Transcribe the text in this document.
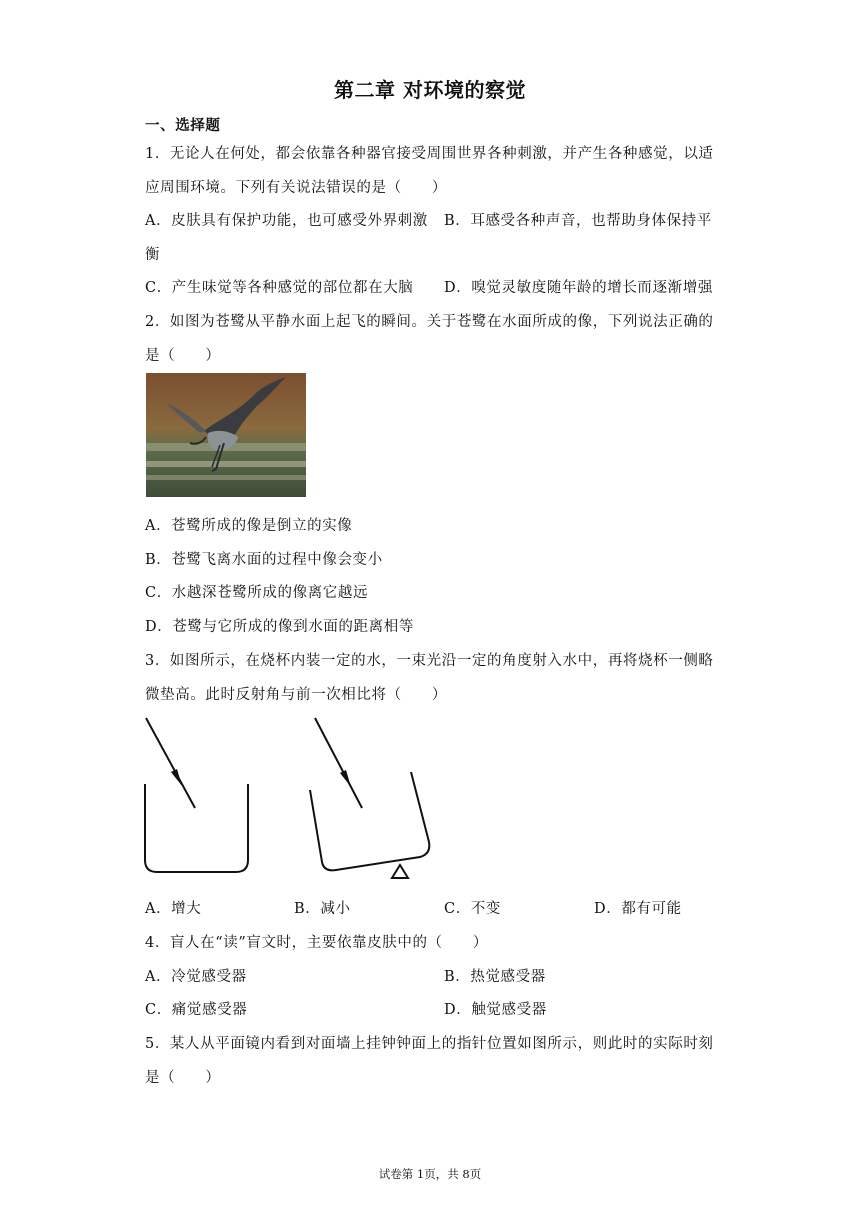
第二章 对环境的察觉
一、选择题
1．无论人在何处，都会依靠各种器官接受周围世界各种刺激，并产生各种感觉，以适
应周围环境。下列有关说法错误的是（　　）
A．皮肤具有保护功能，也可感受外界刺激 B．耳感受各种声音，也帮助身体保持平
衡
C．产生味觉等各种感觉的部位都在大脑 D．嗅觉灵敏度随年龄的增长而逐渐增强
2．如图为苍鹭从平静水面上起飞的瞬间。关于苍鹭在水面所成的像，下列说法正确的
是（　　）
A．苍鹭所成的像是倒立的实像
B．苍鹭飞离水面的过程中像会变小
C．水越深苍鹭所成的像离它越远
D．苍鹭与它所成的像到水面的距离相等
3．如图所示，在烧杯内装一定的水，一束光沿一定的角度射入水中，再将烧杯一侧略
微垫高。此时反射角与前一次相比将（　　）
A．增大	B．减小	C．不变	D．都有可能
4．盲人在“读”盲文时，主要依靠皮肤中的（　　）
A．冷觉感受器	B．热觉感受器
C．痛觉感受器	D．触觉感受器
5．某人从平面镜内看到对面墙上挂钟钟面上的指针位置如图所示，则此时的实际时刻
是（　　）
试卷第 1页，共 8页
